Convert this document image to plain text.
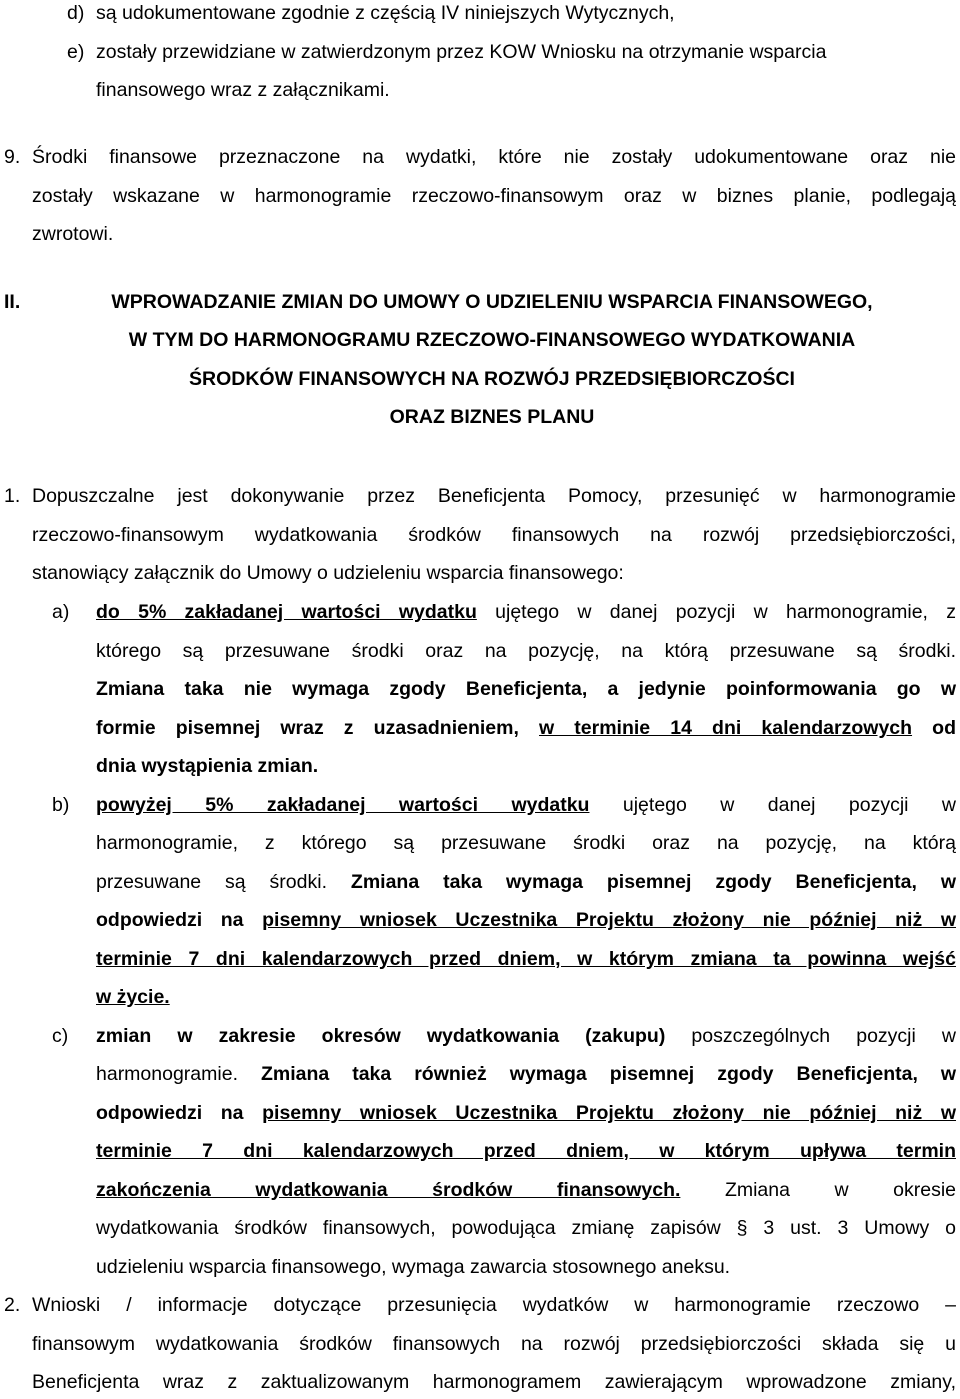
d) są udokumentowane zgodnie z częścią IV niniejszych Wytycznych,
e) zostały przewidziane w zatwierdzonym przez KOW Wniosku na otrzymanie wsparcia
finansowego wraz z załącznikami.
9. Środki finansowe przeznaczone na wydatki, które nie zostały udokumentowane oraz nie
zostały wskazane w harmonogramie rzeczowo-finansowym oraz w biznes planie, podlegają
zwrotowi.
II.	WPROWADZANIE ZMIAN DO UMOWY O UDZIELENIU WSPARCIA FINANSOWEGO,
W TYM DO HARMONOGRAMU RZECZOWO-FINANSOWEGO WYDATKOWANIA
ŚRODKÓW FINANSOWYCH NA ROZWÓJ PRZEDSIĘBIORCZOŚCI
ORAZ BIZNES PLANU
1. Dopuszczalne jest dokonywanie przez Beneficjenta Pomocy, przesunięć w harmonogramie
rzeczowo-finansowym wydatkowania środków finansowych na rozwój przedsiębiorczości,
stanowiący załącznik do Umowy o udzieleniu wsparcia finansowego:
a) do 5% zakładanej wartości wydatku ujętego w danej pozycji w harmonogramie, z
którego są przesuwane środki oraz na pozycję, na którą przesuwane są środki.
Zmiana taka nie wymaga zgody Beneficjenta, a jedynie poinformowania go w
formie pisemnej wraz z uzasadnieniem, w terminie 14 dni kalendarzowych od
dnia wystąpienia zmian.
b) powyżej 5% zakładanej wartości wydatku ujętego w danej pozycji w
harmonogramie, z którego są przesuwane środki oraz na pozycję, na którą
przesuwane są środki. Zmiana taka wymaga pisemnej zgody Beneficjenta, w
odpowiedzi na pisemny wniosek Uczestnika Projektu złożony nie później niż w
terminie 7 dni kalendarzowych przed dniem, w którym zmiana ta powinna wejść
w życie.
c) zmian w zakresie okresów wydatkowania (zakupu) poszczególnych pozycji w
harmonogramie. Zmiana taka również wymaga pisemnej zgody Beneficjenta, w
odpowiedzi na pisemny wniosek Uczestnika Projektu złożony nie później niż w
terminie 7 dni kalendarzowych przed dniem, w którym upływa termin
zakończenia wydatkowania środków finansowych. Zmiana w okresie
wydatkowania środków finansowych, powodująca zmianę zapisów § 3 ust. 3 Umowy o
udzieleniu wsparcia finansowego, wymaga zawarcia stosownego aneksu.
2. Wnioski / informacje dotyczące przesunięcia wydatków w harmonogramie rzeczowo –
finansowym wydatkowania środków finansowych na rozwój przedsiębiorczości składa się u
Beneficjenta wraz z zaktualizowanym harmonogramem zawierającym wprowadzone zmiany,
